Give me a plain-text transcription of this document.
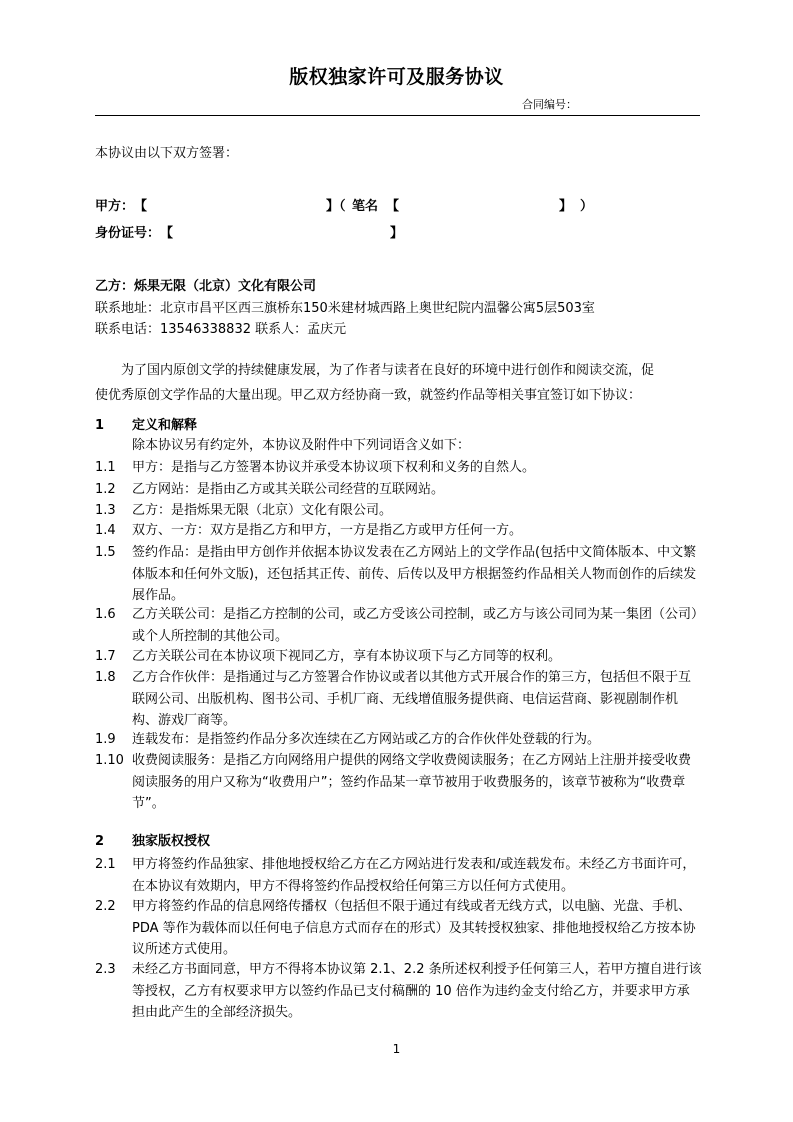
版权独家许可及服务协议
合同编号：
本协议由以下双方签署：
甲方： 【	】（ 笔名 【	】 ）
身份证号： 【	】
乙方：烁果无限（北京）文化有限公司
联系地址：北京市昌平区西三旗桥东150米建材城西路上奥世纪院内温馨公寓5层503室
联系电话：13546338832 联系人：孟庆元
为了国内原创文学的持续健康发展，为了作者与读者在良好的环境中进行创作和阅读交流，促
使优秀原创文学作品的大量出现。甲乙双方经协商一致，就签约作品等相关事宜签订如下协议：
1 定义和解释
除本协议另有约定外，本协议及附件中下列词语含义如下：
1.1 甲方：是指与乙方签署本协议并承受本协议项下权利和义务的自然人。
1.2 乙方网站：是指由乙方或其关联公司经营的互联网站。
1.3 乙方：是指烁果无限（北京）文化有限公司。
1.4 双方、一方：双方是指乙方和甲方，一方是指乙方或甲方任何一方。
1.5 签约作品：是指由甲方创作并依据本协议发表在乙方网站上的文学作品(包括中文简体版本、中文繁体版本和任何外文版)，还包括其正传、前传、后传以及甲方根据签约作品相关人物而创作的后续发展作品。
1.6 乙方关联公司：是指乙方控制的公司，或乙方受该公司控制，或乙方与该公司同为某一集团（公司）或个人所控制的其他公司。
1.7 乙方关联公司在本协议项下视同乙方，享有本协议项下与乙方同等的权利。
1.8 乙方合作伙伴：是指通过与乙方签署合作协议或者以其他方式开展合作的第三方，包括但不限于互联网公司、出版机构、图书公司、手机厂商、无线增值服务提供商、电信运营商、影视剧制作机构、游戏厂商等。
1.9 连载发布：是指签约作品分多次连续在乙方网站或乙方的合作伙伴处登载的行为。
1.10 收费阅读服务：是指乙方向网络用户提供的网络文学收费阅读服务；在乙方网站上注册并接受收费阅读服务的用户又称为“收费用户”；签约作品某一章节被用于收费服务的，该章节被称为“收费章节”。
2 独家版权授权
2.1 甲方将签约作品独家、排他地授权给乙方在乙方网站进行发表和/或连载发布。未经乙方书面许可，在本协议有效期内，甲方不得将签约作品授权给任何第三方以任何方式使用。
2.2 甲方将签约作品的信息网络传播权（包括但不限于通过有线或者无线方式，以电脑、光盘、手机、PDA 等作为载体而以任何电子信息方式而存在的形式）及其转授权独家、排他地授权给乙方按本协议所述方式使用。
2.3 未经乙方书面同意，甲方不得将本协议第 2.1、2.2 条所述权利授予任何第三人，若甲方擅自进行该等授权，乙方有权要求甲方以签约作品已支付稿酬的 10 倍作为违约金支付给乙方，并要求甲方承担由此产生的全部经济损失。
1
